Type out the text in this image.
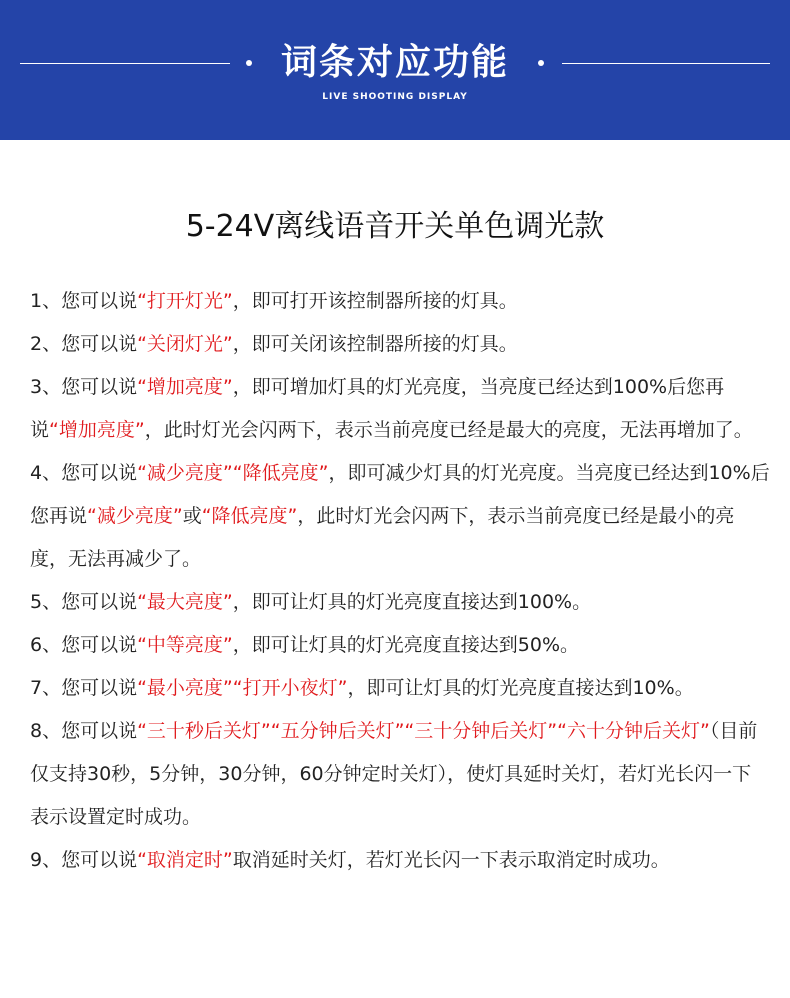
词条对应功能
LIVE SHOOTING DISPLAY
5-24V离线语音开关单色调光款

1、您可以说“打开灯光”，即可打开该控制器所接的灯具。

2、您可以说“关闭灯光”，即可关闭该控制器所接的灯具。

3、您可以说“增加亮度”，即可增加灯具的灯光亮度，当亮度已经达到100%后您再说“增加亮度”，此时灯光会闪两下，表示当前亮度已经是最大的亮度，无法再增加了。

4、您可以说“减少亮度”“降低亮度”，即可减少灯具的灯光亮度。当亮度已经达到10%后您再说“减少亮度”或“降低亮度”，此时灯光会闪两下，表示当前亮度已经是最小的亮度，无法再减少了。

5、您可以说“最大亮度”，即可让灯具的灯光亮度直接达到100%。

6、您可以说“中等亮度”，即可让灯具的灯光亮度直接达到50%。

7、您可以说“最小亮度”“打开小夜灯”，即可让灯具的灯光亮度直接达到10%。

8、您可以说“三十秒后关灯”“五分钟后关灯”“三十分钟后关灯”“六十分钟后关灯”（目前仅支持30秒，5分钟，30分钟，60分钟定时关灯），使灯具延时关灯，若灯光长闪一下表示设置定时成功。

9、您可以说“取消定时”取消延时关灯，若灯光长闪一下表示取消定时成功。
